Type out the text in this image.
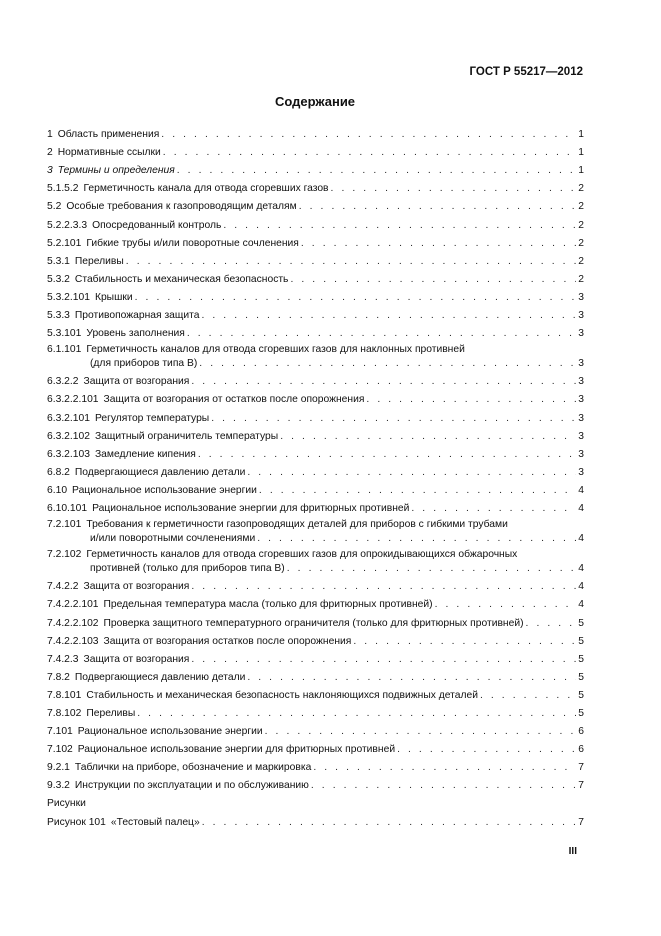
ГОСТ Р 55217—2012
Содержание
1 Область применения . . .	1
2 Нормативные ссылки . . .	1
3 Термины и определения . . .	1
5.1.5.2 Герметичность канала для отвода сгоревших газов . . .	2
5.2 Особые требования к газопроводящим деталям . . .	2
5.2.2.3.3 Опосредованный контроль . . .	2
5.2.101 Гибкие трубы и/или поворотные сочленения . . .	2
5.3.1 Переливы . . .	2
5.3.2 Стабильность и механическая безопасность . . .	2
5.3.2.101 Крышки . . .	3
5.3.3 Противопожарная защита . . .	3
5.3.101 Уровень заполнения . . .	3
6.1.101 Герметичность каналов для отвода сгоревших газов для наклонных противней
(для приборов типа В) . . .	3
6.3.2.2 Защита от возгорания . . .	3
6.3.2.2.101 Защита от возгорания от остатков после опорожнения . . .	3
6.3.2.101 Регулятор температуры . . .	3
6.3.2.102 Защитный ограничитель температуры . . .	3
6.3.2.103 Замедление кипения . . .	3
6.8.2 Подвергающиеся давлению детали . . .	3
6.10 Рациональное использование энергии . . .	4
6.10.101 Рациональное использование энергии для фритюрных противней . . .	4
7.2.101 Требования к герметичности газопроводящих деталей для приборов с гибкими трубами
и/или поворотными сочленениями . . .	4
7.2.102 Герметичность каналов для отвода сгоревших газов для опрокидывающихся обжарочных
противней (только для приборов типа В) . . .	4
7.4.2.2 Защита от возгорания . . .	4
7.4.2.2.101 Предельная температура масла (только для фритюрных противней) . . .	4
7.4.2.2.102 Проверка защитного температурного ограничителя (только для фритюрных противней) . . .	5
7.4.2.2.103 Защита от возгорания остатков после опорожнения . . .	5
7.4.2.3 Защита от возгорания . . .	5
7.8.2 Подвергающиеся давлению детали . . .	5
7.8.101 Стабильность и механическая безопасность наклоняющихся подвижных деталей . . .	5
7.8.102 Переливы . . .	5
7.101 Рациональное использование энергии . . .	6
7.102 Рациональное использование энергии для фритюрных противней . . .	6
9.2.1 Таблички на приборе, обозначение и маркировка . . .	7
9.3.2 Инструкции по эксплуатации и по обслуживанию . . .	7
Рисунки
Рисунок 101 «Тестовый палец» . . .	7
III
